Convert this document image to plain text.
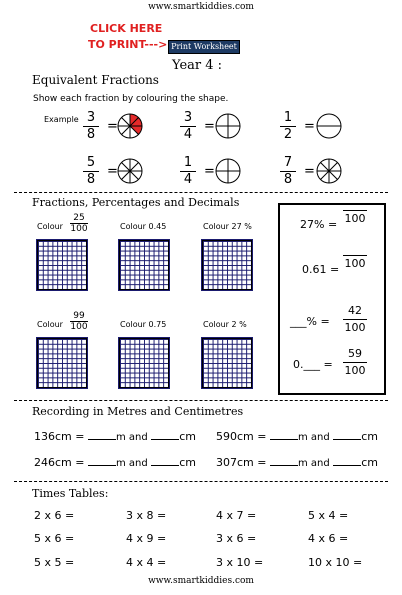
www.smartkiddies.com
CLICK HERE
TO PRINT---> Print Worksheet
Year 4 :
Equivalent Fractions
Show each fraction by colouring the shape.
Example 3
8
=
3
4
=
1
2
=
5
8
=
1
4
=
7
8
=
Fractions, Percentages and Decimals
Colour
25
100	Colour 0.45	Colour 27 %
Colour
99
100	Colour 0.75	Colour 2 %
27% = 100
0.61 = 100
___% =
42
100
0.___ =
59
100
Recording in Metres and Centimetres
136cm =	m and	cm 590cm =	m and	cm
246cm =	m and	cm 307cm =	m and	cm
Times Tables:
2 x 6 =	3 x 8 =	4 x 7 =	5 x 4 =
5 x 6 =	4 x 9 =	3 x 6 =	4 x 6 =
5 x 5 =	4 x 4 =	3 x 10 =	10 x 10 =
www.smartkiddies.com
